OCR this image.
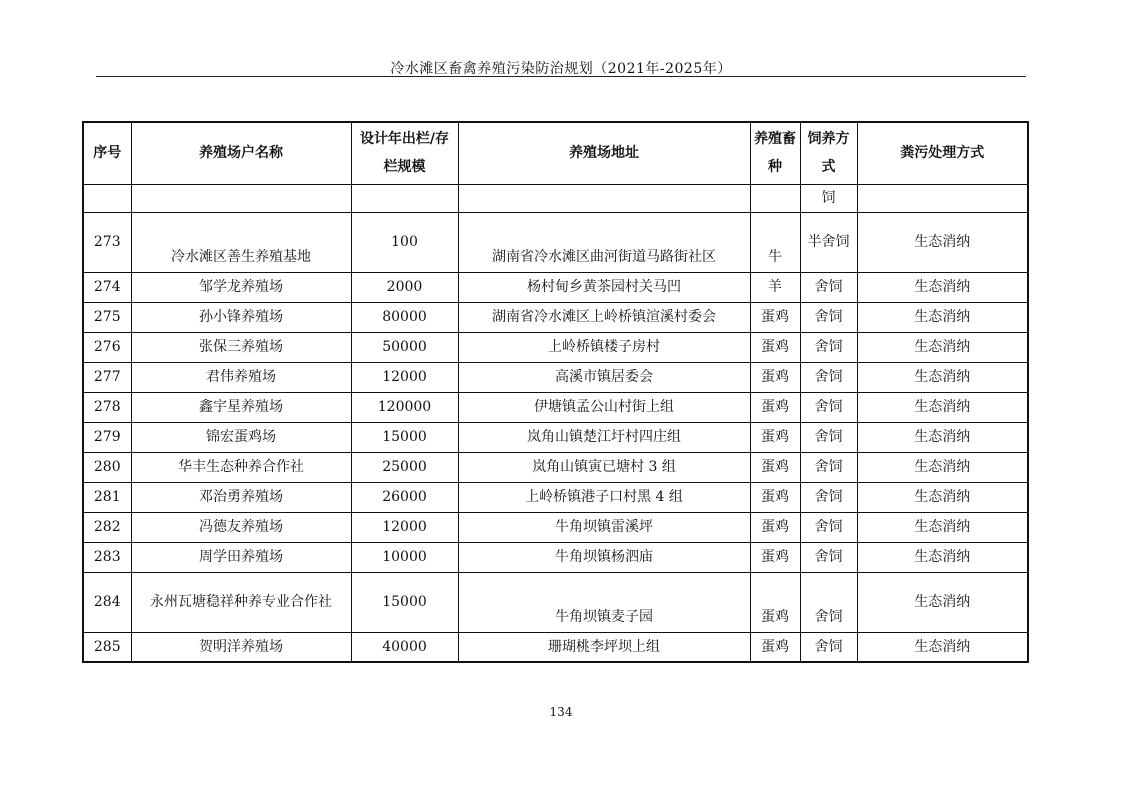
冷水滩区畜禽养殖污染防治规划（2021年-2025年）
序号	养殖场户名称	设计年出栏/存栏规模	养殖场地址	养殖畜种	饲养方式	粪污处理方式
					饲	
273	冷水滩区善生养殖基地	100	湖南省冷水滩区曲河街道马路街社区	牛	半舍饲	生态消纳
274	邹学龙养殖场	2000	杨村甸乡黄茶园村关马凹	羊	舍饲	生态消纳
275	孙小锋养殖场	80000	湖南省冷水滩区上岭桥镇渲溪村委会	蛋鸡	舍饲	生态消纳
276	张保三养殖场	50000	上岭桥镇楼子房村	蛋鸡	舍饲	生态消纳
277	君伟养殖场	12000	高溪市镇居委会	蛋鸡	舍饲	生态消纳
278	鑫宇星养殖场	120000	伊塘镇孟公山村街上组	蛋鸡	舍饲	生态消纳
279	锦宏蛋鸡场	15000	岚角山镇楚江圩村四庄组	蛋鸡	舍饲	生态消纳
280	华丰生态种养合作社	25000	岚角山镇寅已塘村 3 组	蛋鸡	舍饲	生态消纳
281	邓治勇养殖场	26000	上岭桥镇港子口村黑 4 组	蛋鸡	舍饲	生态消纳
282	冯德友养殖场	12000	牛角坝镇雷溪坪	蛋鸡	舍饲	生态消纳
283	周学田养殖场	10000	牛角坝镇杨泗庙	蛋鸡	舍饲	生态消纳
284	永州瓦塘稳祥种养专业合作社	15000	牛角坝镇麦子园	蛋鸡	舍饲	生态消纳
285	贺明洋养殖场	40000	珊瑚桃李坪坝上组	蛋鸡	舍饲	生态消纳
134
